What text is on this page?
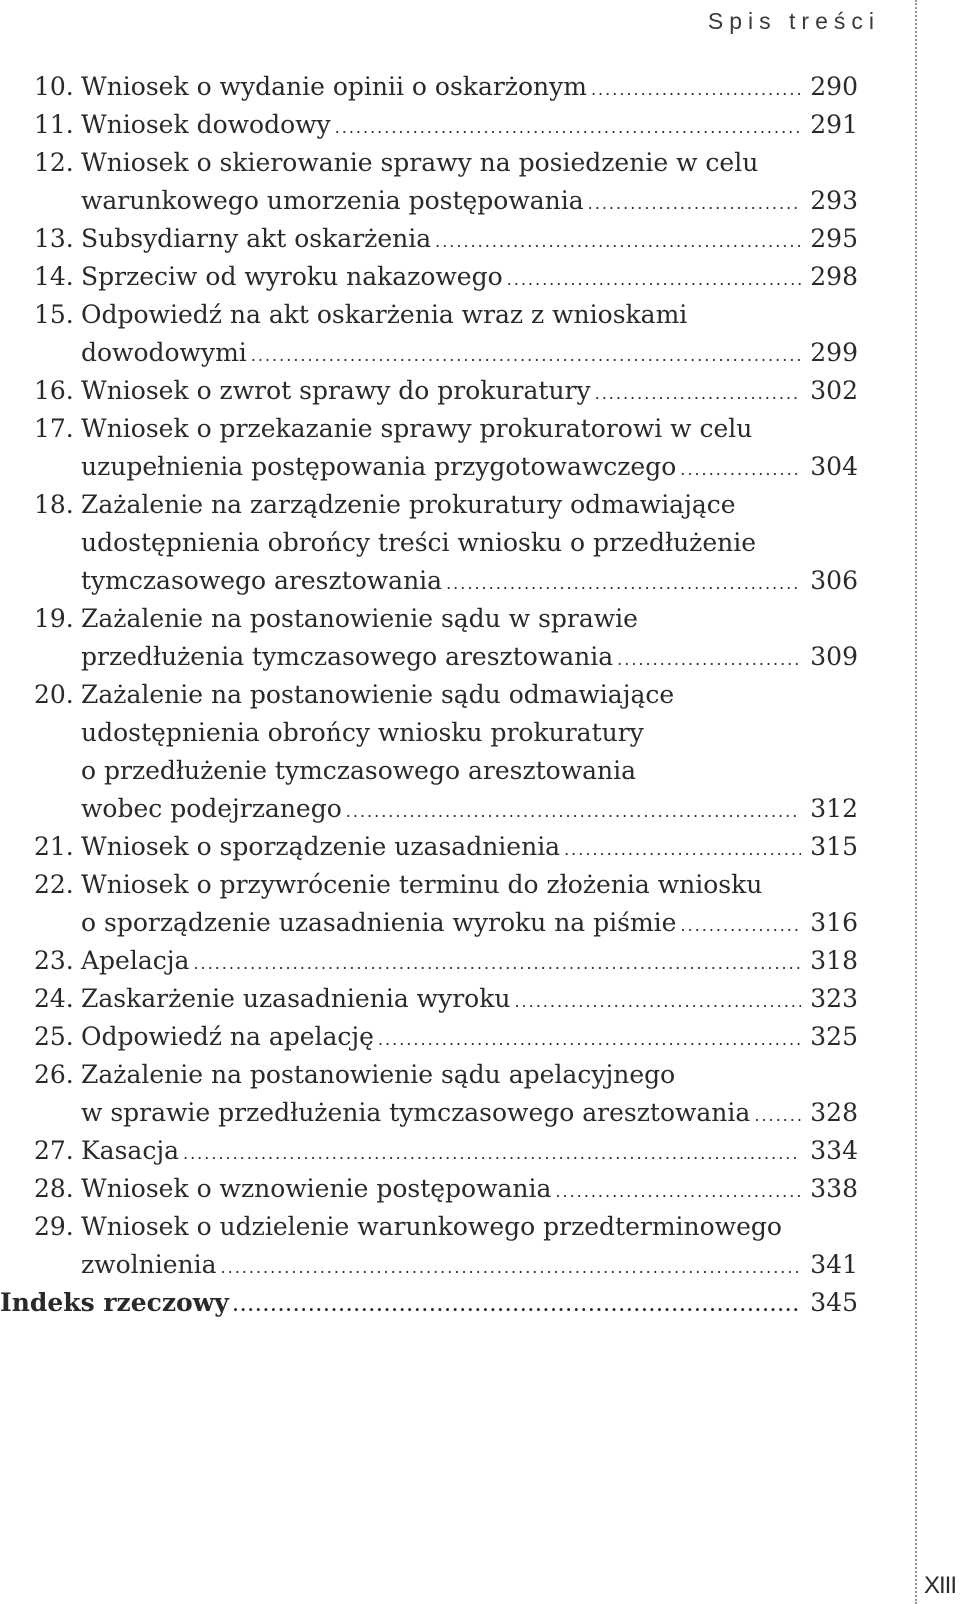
Spis treści
10. Wniosek o wydanie opinii o oskarżonym .....	290
11. Wniosek dowodowy .....	291
12. Wniosek o skierowanie sprawy na posiedzenie w celu
warunkowego umorzenia postępowania .....	293
13. Subsydiarny akt oskarżenia .....	295
14. Sprzeciw od wyroku nakazowego .....	298
15. Odpowiedź na akt oskarżenia wraz z wnioskami
dowodowymi .....	299
16. Wniosek o zwrot sprawy do prokuratury .....	302
17. Wniosek o przekazanie sprawy prokuratorowi w celu
uzupełnienia postępowania przygotowawczego .....	304
18. Zażalenie na zarządzenie prokuratury odmawiające
udostępnienia obrońcy treści wniosku o przedłużenie
tymczasowego aresztowania .....	306
19. Zażalenie na postanowienie sądu w sprawie
przedłużenia tymczasowego aresztowania .....	309
20. Zażalenie na postanowienie sądu odmawiające
udostępnienia obrońcy wniosku prokuratury
o przedłużenie tymczasowego aresztowania
wobec podejrzanego .....	312
21. Wniosek o sporządzenie uzasadnienia .....	315
22. Wniosek o przywrócenie terminu do złożenia wniosku
o sporządzenie uzasadnienia wyroku na piśmie .....	316
23. Apelacja .....	318
24. Zaskarżenie uzasadnienia wyroku .....	323
25. Odpowiedź na apelację .....	325
26. Zażalenie na postanowienie sądu apelacyjnego
w sprawie przedłużenia tymczasowego aresztowania ..... 328
27. Kasacja .....	334
28. Wniosek o wznowienie postępowania .....	338
29. Wniosek o udzielenie warunkowego przedterminowego
zwolnienia .....	341
Indeks rzeczowy .....	345
XIII
